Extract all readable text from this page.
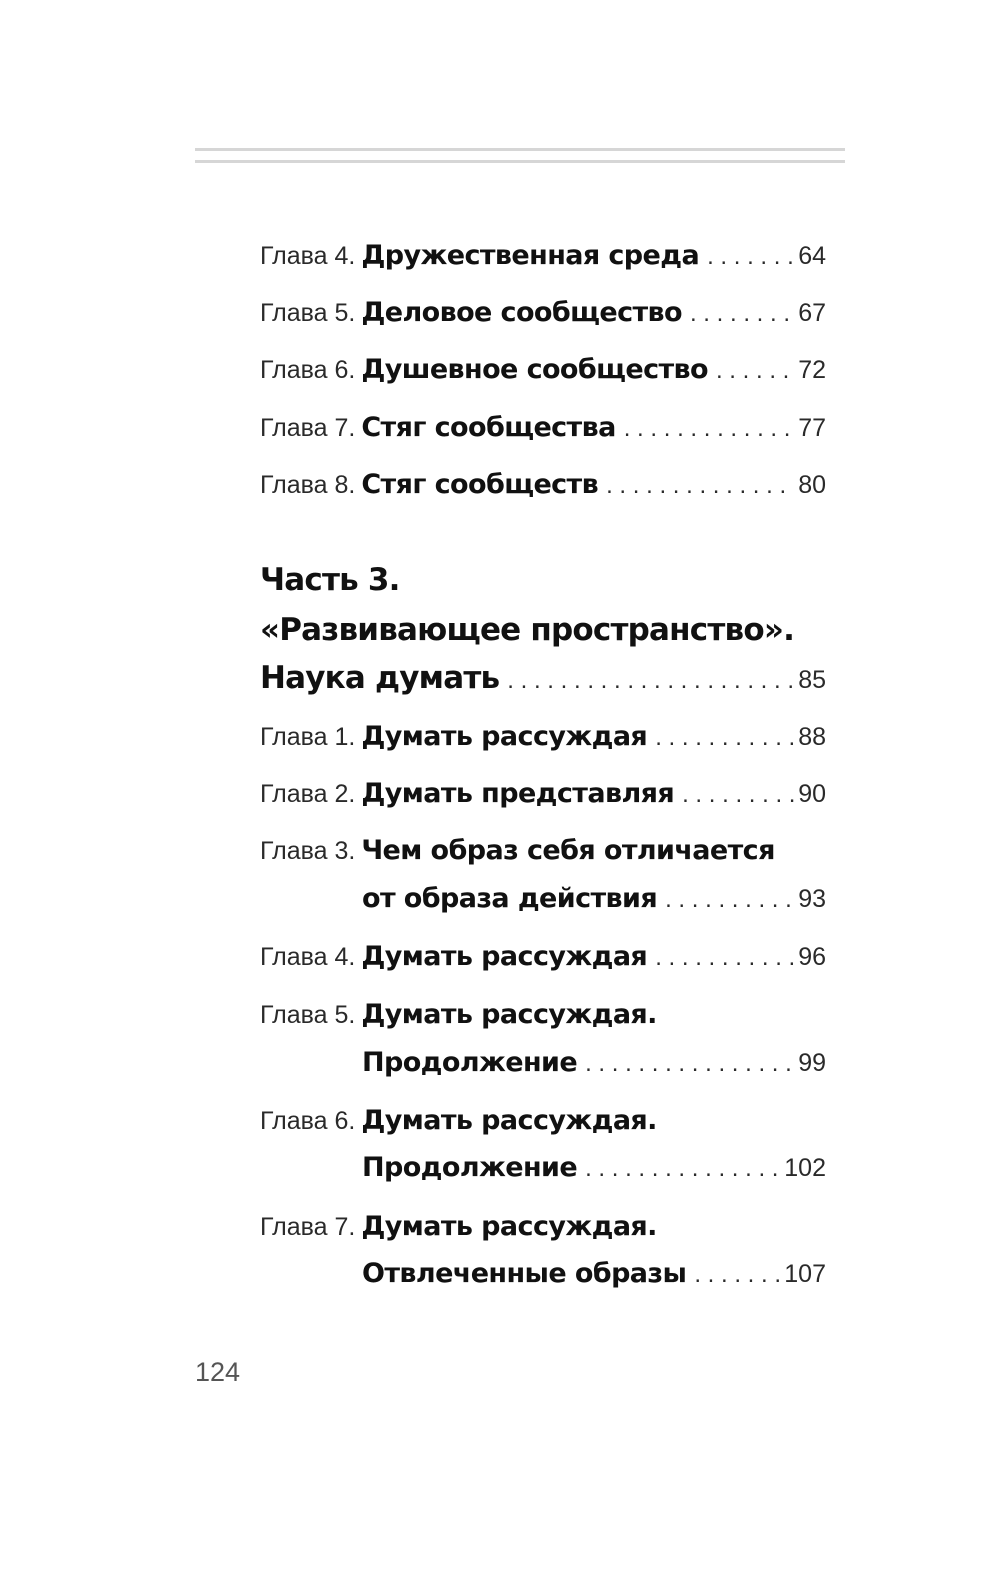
Глава 4. Дружественная среда . . .	64
Глава 5. Деловое сообщество . . .	67
Глава 6. Душевное сообщество . . .	72
Глава 7. Стяг сообщества . . .	77
Глава 8. Стяг сообществ . . .	80
Часть 3.
«Развивающее пространство».
Наука думать . . .	85
Глава 1. Думать рассуждая . . .	88
Глава 2. Думать представляя . . .	90
Глава 3. Чем образ себя отличается
от образа действия . . .	93
Глава 4. Думать рассуждая . . .	96
Глава 5. Думать рассуждая.
Продолжение . . .	99
Глава 6. Думать рассуждая.
Продолжение . . .	102
Глава 7. Думать рассуждая.
Отвлеченные образы . . .	107
124
